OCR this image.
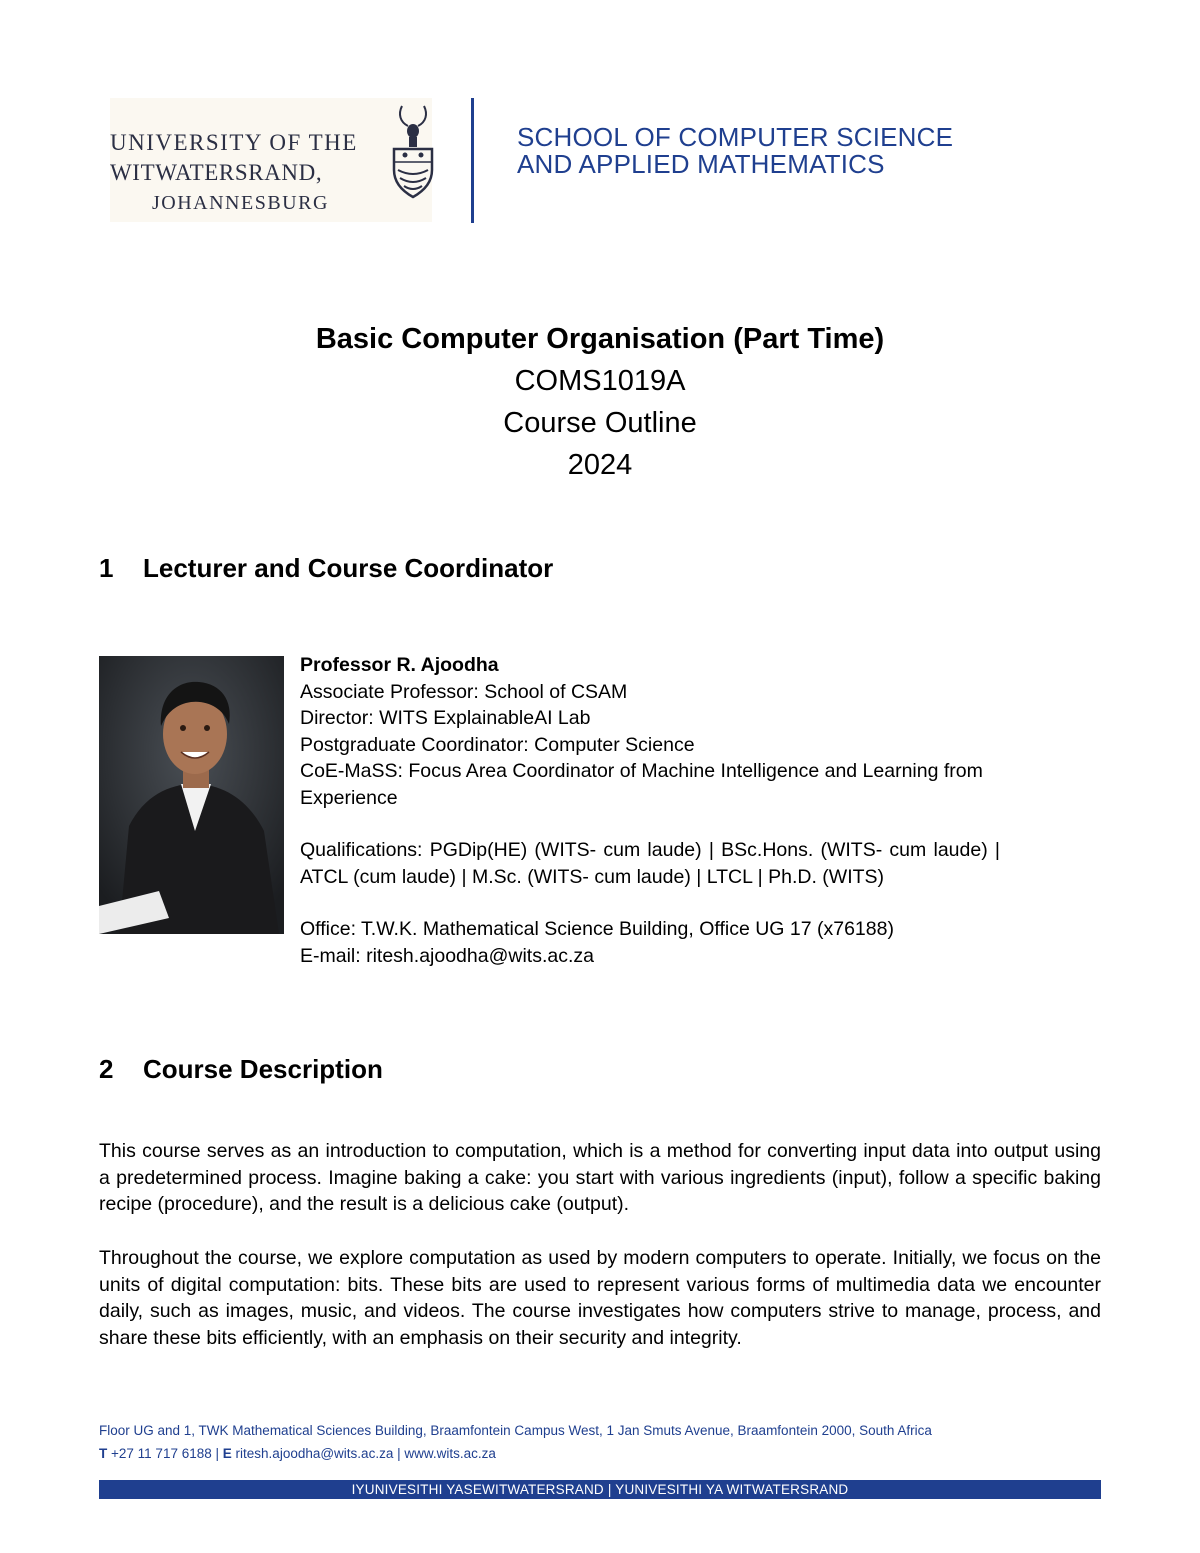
UNIVERSITY OF THE
WITWATERSRAND,
JOHANNESBURG
SCHOOL OF COMPUTER SCIENCE
AND APPLIED MATHEMATICS
Basic Computer Organisation (Part Time)
COMS1019A
Course Outline
2024
1 Lecturer and Course Coordinator
Professor R. Ajoodha
Associate Professor: School of CSAM
Director: WITS ExplainableAI Lab
Postgraduate Coordinator: Computer Science
CoE-MaSS: Focus Area Coordinator of Machine Intelligence and Learning from Experience
Qualifications: PGDip(HE) (WITS- cum laude) | BSc.Hons. (WITS- cum laude) | ATCL (cum laude) | M.Sc. (WITS- cum laude) | LTCL | Ph.D. (WITS)
Office: T.W.K. Mathematical Science Building, Office UG 17 (x76188)
E-mail: ritesh.ajoodha@wits.ac.za
2 Course Description

This course serves as an introduction to computation, which is a method for converting input data into output using a predetermined process. Imagine baking a cake: you start with various ingredients (input), follow a specific baking recipe (procedure), and the result is a delicious cake (output).

Throughout the course, we explore computation as used by modern computers to operate. Initially, we focus on the units of digital computation: bits. These bits are used to represent various forms of multimedia data we encounter daily, such as images, music, and videos. The course investigates how computers strive to manage, process, and share these bits efficiently, with an emphasis on their security and integrity.

Floor UG and 1, TWK Mathematical Sciences Building, Braamfontein Campus West, 1 Jan Smuts Avenue, Braamfontein 2000, South Africa
T +27 11 717 6188 | E ritesh.ajoodha@wits.ac.za | www.wits.ac.za
IYUNIVESITHI YASEWITWATERSRAND | YUNIVESITHI YA WITWATERSRAND
